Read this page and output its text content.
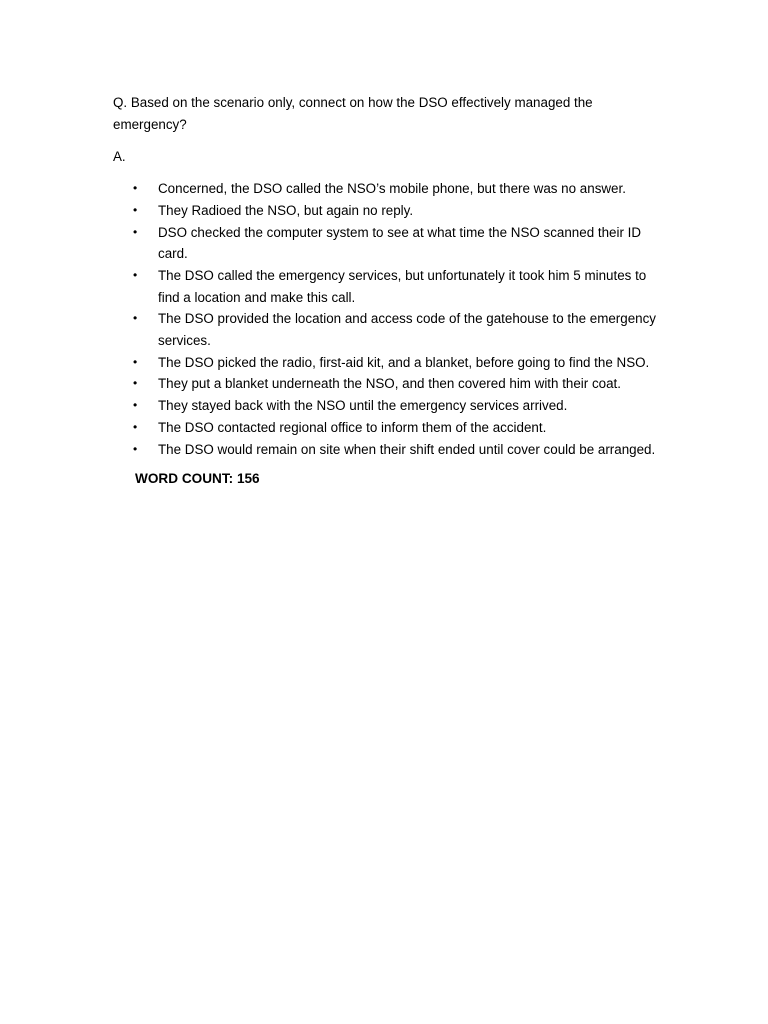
Q. Based on the scenario only, connect on how the DSO effectively managed the emergency?

A.

• Concerned, the DSO called the NSO’s mobile phone, but there was no answer.
• They Radioed the NSO, but again no reply.
• DSO checked the computer system to see at what time the NSO scanned their ID card.
• The DSO called the emergency services, but unfortunately it took him 5 minutes to find a location and make this call.
• The DSO provided the location and access code of the gatehouse to the emergency services.
• The DSO picked the radio, first-aid kit, and a blanket, before going to find the NSO.
• They put a blanket underneath the NSO, and then covered him with their coat.
• They stayed back with the NSO until the emergency services arrived.
• The DSO contacted regional office to inform them of the accident.
• The DSO would remain on site when their shift ended until cover could be arranged.

WORD COUNT: 156
